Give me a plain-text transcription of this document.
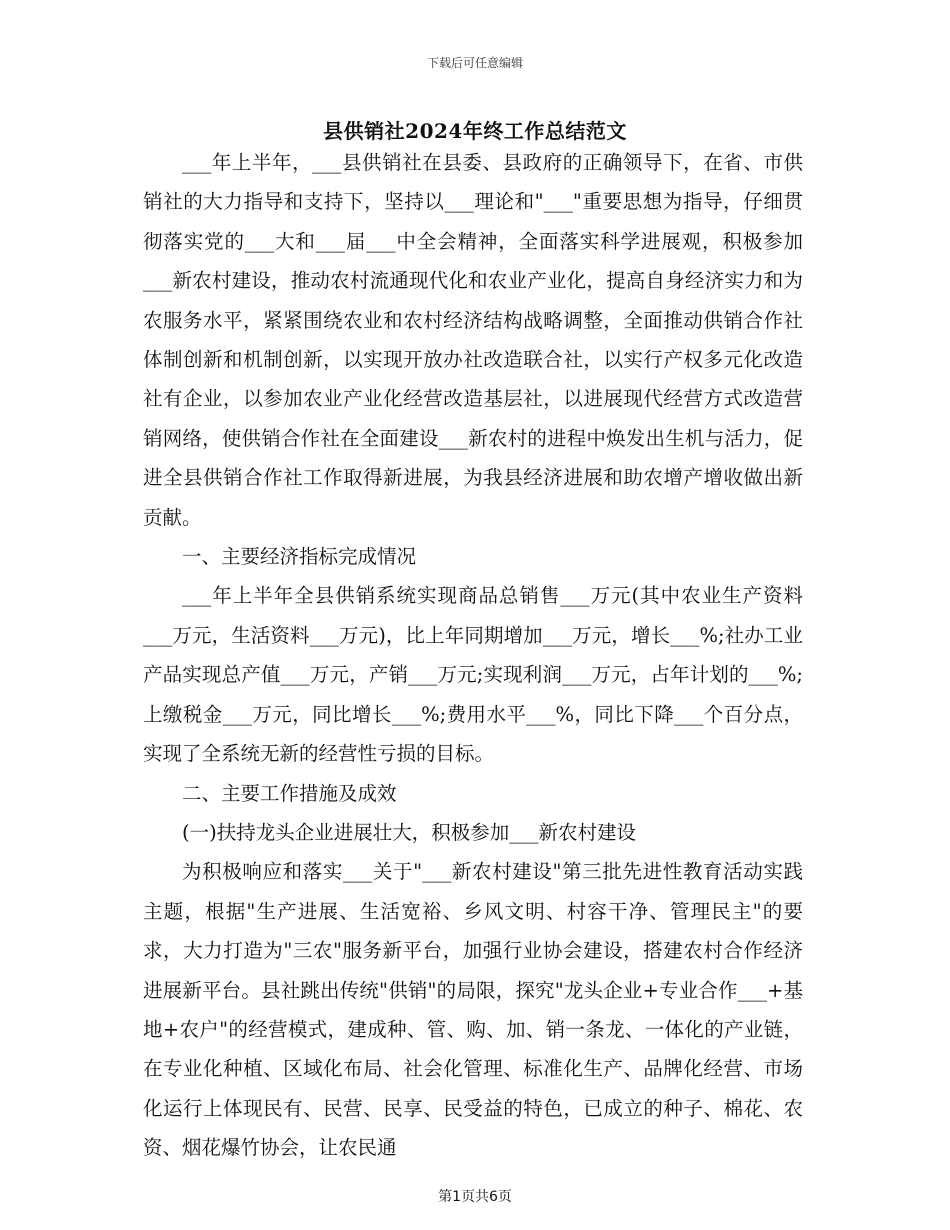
下载后可任意编辑
县供销社2024年终工作总结范文

___年上半年，___县供销社在县委、县政府的正确领导下，在省、市供销社的大力指导和支持下，坚持以___理论和"___"重要思想为指导，仔细贯彻落实党的___大和___届___中全会精神，全面落实科学进展观，积极参加___新农村建设，推动农村流通现代化和农业产业化，提高自身经济实力和为农服务水平，紧紧围绕农业和农村经济结构战略调整，全面推动供销合作社体制创新和机制创新，以实现开放办社改造联合社，以实行产权多元化改造社有企业，以参加农业产业化经营改造基层社，以进展现代经营方式改造营销网络，使供销合作社在全面建设___新农村的进程中焕发出生机与活力，促进全县供销合作社工作取得新进展，为我县经济进展和助农增产增收做出新贡献。

一、主要经济指标完成情况

___年上半年全县供销系统实现商品总销售___万元(其中农业生产资料___万元，生活资料___万元)，比上年同期增加___万元，增长___%;社办工业产品实现总产值___万元，产销___万元;实现利润___万元，占年计划的___%;上缴税金___万元，同比增长___%;费用水平___%，同比下降___个百分点，实现了全系统无新的经营性亏损的目标。

二、主要工作措施及成效

(一)扶持龙头企业进展壮大，积极参加___新农村建设

为积极响应和落实___关于"___新农村建设"第三批先进性教育活动实践主题，根据"生产进展、生活宽裕、乡风文明、村容干净、管理民主"的要求，大力打造为"三农"服务新平台，加强行业协会建设，搭建农村合作经济进展新平台。县社跳出传统"供销"的局限，探究"龙头企业+专业合作___+基地+农户"的经营模式，建成种、管、购、加、销一条龙、一体化的产业链，在专业化种植、区域化布局、社会化管理、标准化生产、品牌化经营、市场化运行上体现民有、民营、民享、民受益的特色，已成立的种子、棉花、农资、烟花爆竹协会，让农民通

第1页共6页
